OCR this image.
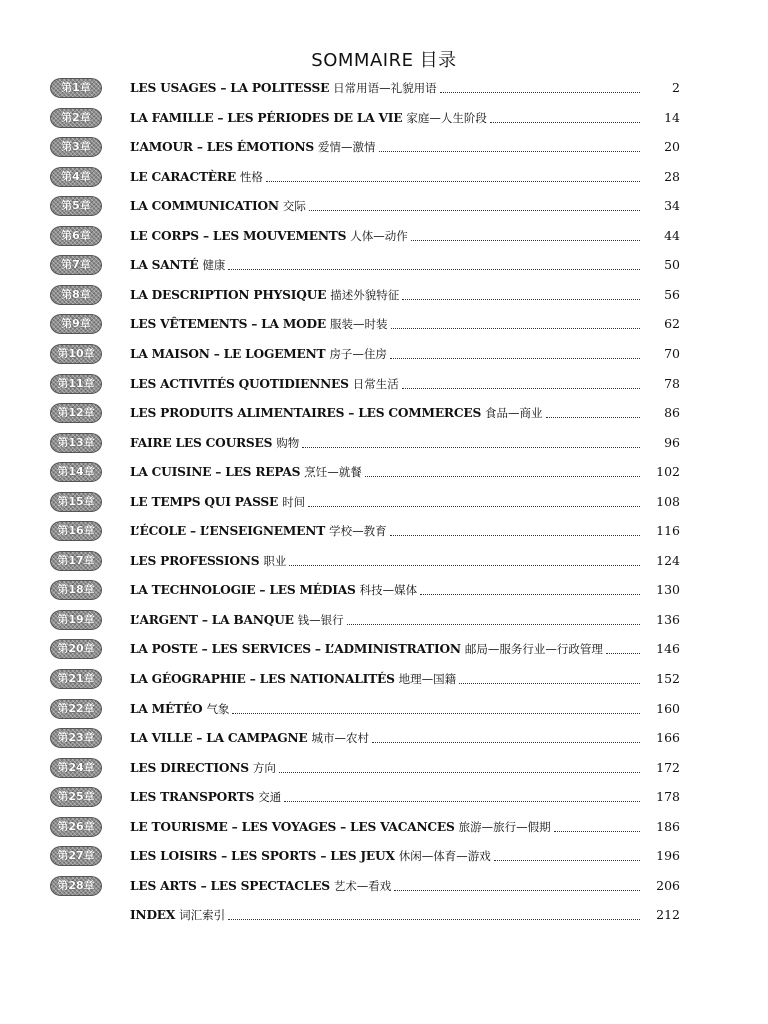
SOMMAIRE 目录
第1章	LES USAGES – LA POLITESSE 日常用语—礼貌用语	2
第2章	LA FAMILLE – LES PÉRIODES DE LA VIE 家庭—人生阶段	14
第3章	L’AMOUR – LES ÉMOTIONS 爱情—激情	20
第4章	LE CARACTÈRE 性格	28
第5章	LA COMMUNICATION 交际	34
第6章	LE CORPS – LES MOUVEMENTS 人体—动作	44
第7章	LA SANTÉ 健康	50
第8章	LA DESCRIPTION PHYSIQUE 描述外貌特征	56
第9章	LES VÊTEMENTS – LA MODE 服装—时装	62
第10章	LA MAISON – LE LOGEMENT 房子—住房	70
第11章	LES ACTIVITÉS QUOTIDIENNES 日常生活	78
第12章	LES PRODUITS ALIMENTAIRES – LES COMMERCES 食品—商业	86
第13章	FAIRE LES COURSES 购物	96
第14章	LA CUISINE – LES REPAS 烹饪—就餐	102
第15章	LE TEMPS QUI PASSE 时间	108
第16章	L’ÉCOLE – L’ENSEIGNEMENT 学校—教育	116
第17章	LES PROFESSIONS 职业	124
第18章	LA TECHNOLOGIE – LES MÉDIAS 科技—媒体	130
第19章	L’ARGENT – LA BANQUE 钱—银行	136
第20章	LA POSTE – LES SERVICES – L’ADMINISTRATION 邮局—服务行业—行政管理	146
第21章	LA GÉOGRAPHIE – LES NATIONALITÉS 地理—国籍	152
第22章	LA MÉTÉO 气象	160
第23章	LA VILLE – LA CAMPAGNE 城市—农村	166
第24章	LES DIRECTIONS 方向	172
第25章	LES TRANSPORTS 交通	178
第26章	LE TOURISME – LES VOYAGES – LES VACANCES 旅游—旅行—假期	186
第27章	LES LOISIRS – LES SPORTS – LES JEUX 休闲—体育—游戏	196
第28章	LES ARTS – LES SPECTACLES 艺术—看戏	206
INDEX 词汇索引	212
